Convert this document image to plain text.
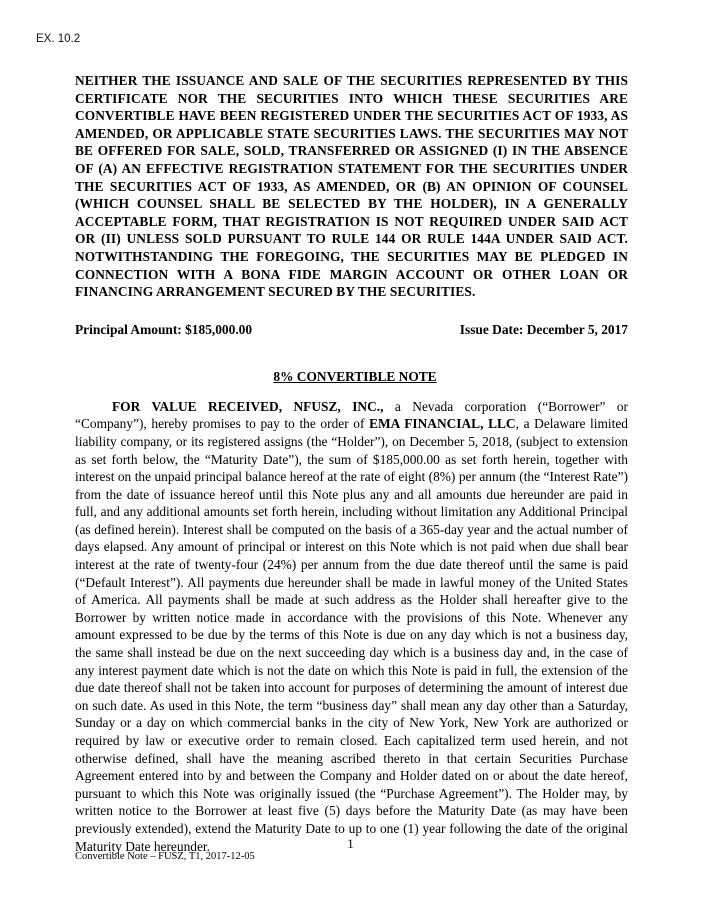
EX. 10.2

NEITHER THE ISSUANCE AND SALE OF THE SECURITIES REPRESENTED BY THIS CERTIFICATE NOR THE SECURITIES INTO WHICH THESE SECURITIES ARE CONVERTIBLE HAVE BEEN REGISTERED UNDER THE SECURITIES ACT OF 1933, AS AMENDED, OR APPLICABLE STATE SECURITIES LAWS. THE SECURITIES MAY NOT BE OFFERED FOR SALE, SOLD, TRANSFERRED OR ASSIGNED (I) IN THE ABSENCE OF (A) AN EFFECTIVE REGISTRATION STATEMENT FOR THE SECURITIES UNDER THE SECURITIES ACT OF 1933, AS AMENDED, OR (B) AN OPINION OF COUNSEL (WHICH COUNSEL SHALL BE SELECTED BY THE HOLDER), IN A GENERALLY ACCEPTABLE FORM, THAT REGISTRATION IS NOT REQUIRED UNDER SAID ACT OR (II) UNLESS SOLD PURSUANT TO RULE 144 OR RULE 144A UNDER SAID ACT. NOTWITHSTANDING THE FOREGOING, THE SECURITIES MAY BE PLEDGED IN CONNECTION WITH A BONA FIDE MARGIN ACCOUNT OR OTHER LOAN OR FINANCING ARRANGEMENT SECURED BY THE SECURITIES.

Principal Amount: $185,000.00	Issue Date: December 5, 2017
8% CONVERTIBLE NOTE

FOR VALUE RECEIVED, NFUSZ, INC., a Nevada corporation (“Borrower” or “Company”), hereby promises to pay to the order of EMA FINANCIAL, LLC, a Delaware limited liability company, or its registered assigns (the “Holder”), on December 5, 2018, (subject to extension as set forth below, the “Maturity Date”), the sum of $185,000.00 as set forth herein, together with interest on the unpaid principal balance hereof at the rate of eight (8%) per annum (the “Interest Rate”) from the date of issuance hereof until this Note plus any and all amounts due hereunder are paid in full, and any additional amounts set forth herein, including without limitation any Additional Principal (as defined herein). Interest shall be computed on the basis of a 365-day year and the actual number of days elapsed. Any amount of principal or interest on this Note which is not paid when due shall bear interest at the rate of twenty-four (24%) per annum from the due date thereof until the same is paid (“Default Interest”). All payments due hereunder shall be made in lawful money of the United States of America. All payments shall be made at such address as the Holder shall hereafter give to the Borrower by written notice made in accordance with the provisions of this Note. Whenever any amount expressed to be due by the terms of this Note is due on any day which is not a business day, the same shall instead be due on the next succeeding day which is a business day and, in the case of any interest payment date which is not the date on which this Note is paid in full, the extension of the due date thereof shall not be taken into account for purposes of determining the amount of interest due on such date. As used in this Note, the term “business day” shall mean any day other than a Saturday, Sunday or a day on which commercial banks in the city of New York, New York are authorized or required by law or executive order to remain closed. Each capitalized term used herein, and not otherwise defined, shall have the meaning ascribed thereto in that certain Securities Purchase Agreement entered into by and between the Company and Holder dated on or about the date hereof, pursuant to which this Note was originally issued (the “Purchase Agreement”). The Holder may, by written notice to the Borrower at least five (5) days before the Maturity Date (as may have been previously extended), extend the Maturity Date to up to one (1) year following the date of the original Maturity Date hereunder.	1
Convertible Note – FUSZ, T1, 2017-12-05
